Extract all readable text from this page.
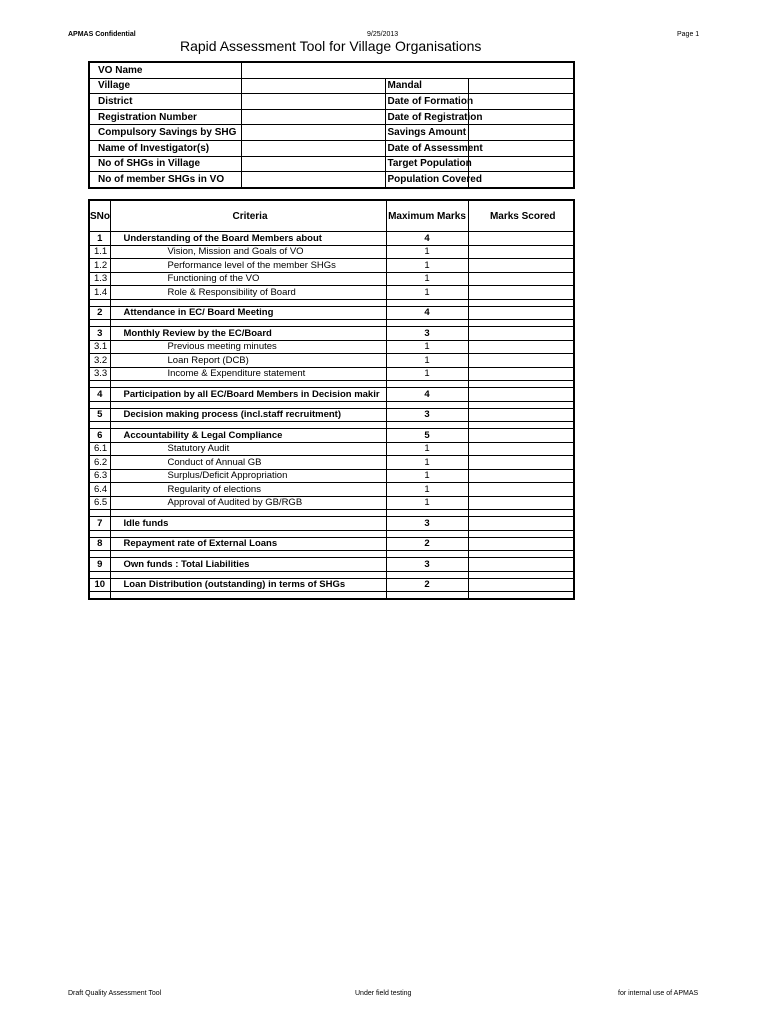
APMAS Confidential	9/25/2013	Page 1
Rapid Assessment Tool for Village Organisations
VO Name			
Village		Mandal	
District		Date of Formation	
Registration Number		Date of Registration	
Compulsory Savings by SHG		Savings Amount	
Name of Investigator(s)		Date of Assessment	
No of SHGs in Village		Target Population	
No of member SHGs in VO		Population Covered	
SNo	Criteria	Maximum Marks	Marks Scored
1	Understanding of the Board Members about	4	
1.1	Vision, Mission and Goals of VO	1	
1.2	Performance level of the member SHGs	1	
1.3	Functioning of the VO	1	
1.4	Role & Responsibility of Board	1	

2	Attendance in EC/ Board Meeting	4	

3	Monthly Review by the EC/Board	3	
3.1	Previous meeting minutes	1	
3.2	Loan Report (DCB)	1	
3.3	Income & Expenditure statement	1	

4	Participation by all EC/Board Members in Decision makir	4	

5	Decision making process (incl.staff recruitment)	3	

6	Accountability & Legal Compliance	5	
6.1	Statutory Audit	1	
6.2	Conduct of Annual GB	1	
6.3	Surplus/Deficit Appropriation	1	
6.4	Regularity of elections	1	
6.5	Approval of Audited by GB/RGB	1	

7	Idle funds	3	

8	Repayment rate of External Loans	2	

9	Own funds : Total Liabilities	3	

10	Loan Distribution (outstanding) in terms of SHGs	2	

Draft Quality Assessment Tool	Under field testing	for internal use of APMAS
